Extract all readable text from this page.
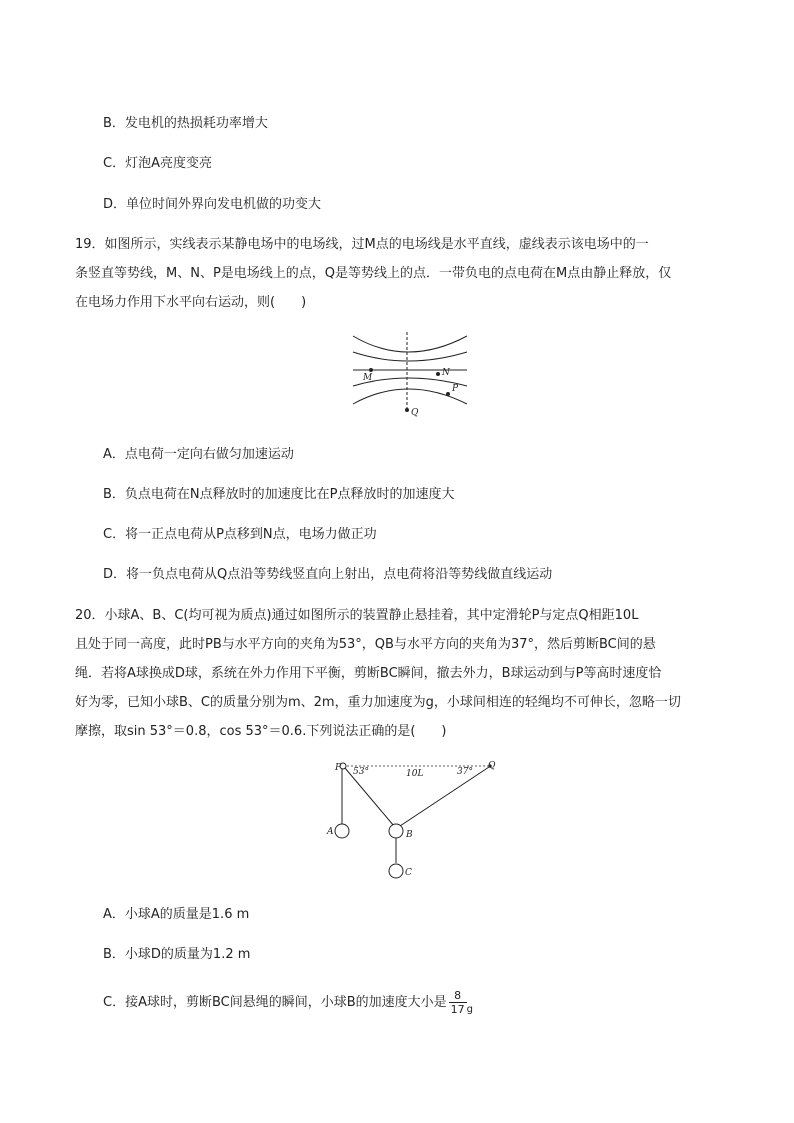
B．发电机的热损耗功率增大
C．灯泡A亮度变亮
D．单位时间外界向发电机做的功变大
19．如图所示，实线表示某静电场中的电场线，过M点的电场线是水平直线，虚线表示该电场中的一
条竖直等势线，M、N、P是电场线上的点，Q是等势线上的点．一带负电的点电荷在M点由静止释放，仅
在电场力作用下水平向右运动，则(　　)
M	N
P
Q
A．点电荷一定向右做匀加速运动
B．负点电荷在N点释放时的加速度比在P点释放时的加速度大
C．将一正点电荷从P点移到N点，电场力做正功
D．将一负点电荷从Q点沿等势线竖直向上射出，点电荷将沿等势线做直线运动
20．小球A、B、C(均可视为质点)通过如图所示的装置静止悬挂着，其中定滑轮P与定点Q相距10L
且处于同一高度，此时PB与水平方向的夹角为53°，QB与水平方向的夹角为37°，然后剪断BC间的悬
绳．若将A球换成D球，系统在外力作用下平衡，剪断BC瞬间，撤去外力，B球运动到与P等高时速度恰
好为零，已知小球B、C的质量分别为m、2m，重力加速度为g，小球间相连的轻绳均不可伸长，忽略一切
摩擦，取sin 53°＝0.8，cos 53°＝0.6.下列说法正确的是(　　)
P	Q
53°	10L	37°
A	B
C
A．小球A的质量是1.6 m
B．小球D的质量为1.2 m
C．接A球时，剪断BC间悬绳的瞬间，小球B的加速度大小是 $\frac{8}{17} _g$
